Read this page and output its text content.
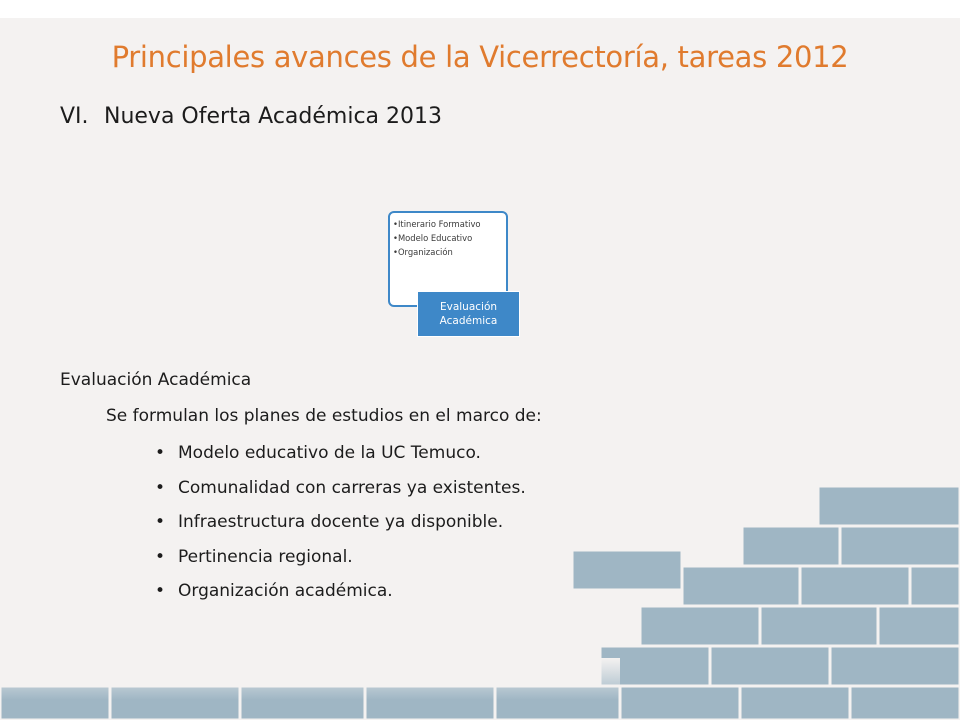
Principales avances de la Vicerrectoría, tareas 2012
VI. Nueva Oferta Académica 2013
•Itinerario Formativo
•Modelo Educativo
•Organización
Evaluación Académica
Evaluación Académica
Se formulan los planes de estudios en el marco de:
• Modelo educativo de la UC Temuco.
• Comunalidad con carreras ya existentes.
• Infraestructura docente ya disponible.
• Pertinencia regional.
• Organización académica.
